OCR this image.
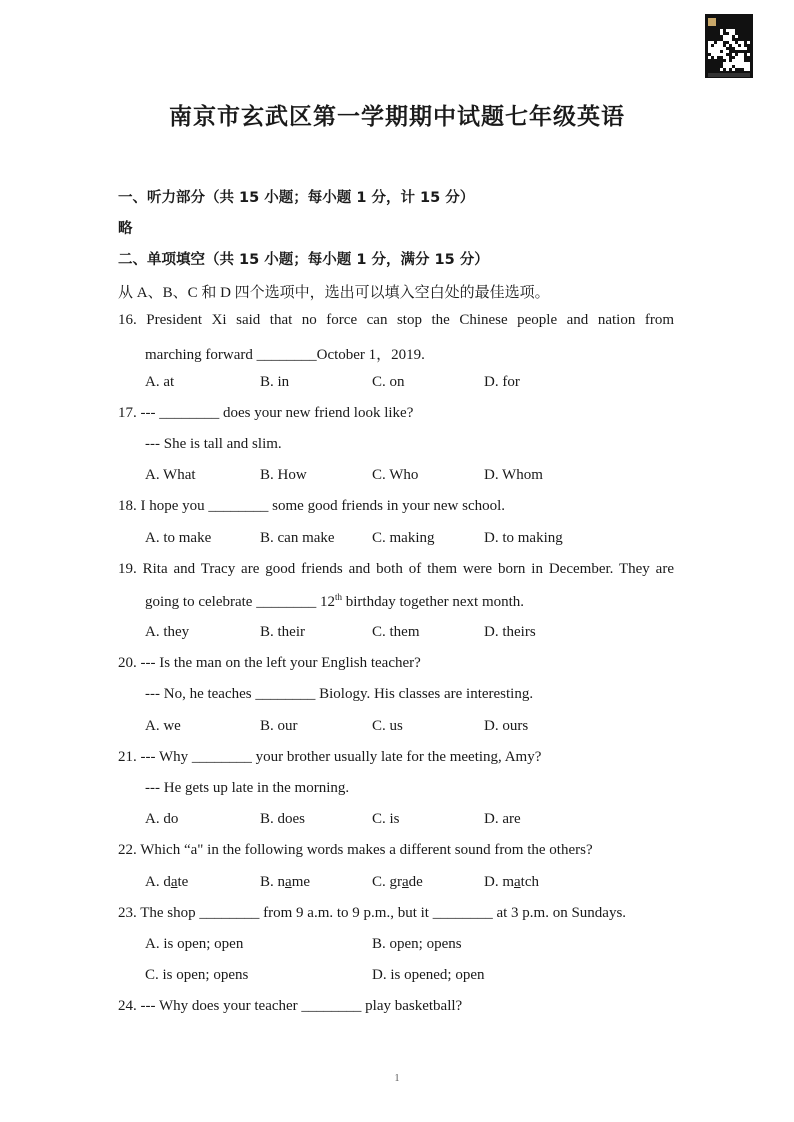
南京市玄武区第一学期期中试题七年级英语
一、听力部分（共 15 小题；每小题 1 分，计 15 分）
略
二、单项填空（共 15 小题；每小题 1 分，满分 15 分）
从 A、B、C 和 D 四个选项中，选出可以填入空白处的最佳选项。
16. President Xi said that no force can stop the Chinese people and nation from
marching forward ________October 1，2019.
A. at	B. in	C. on	D. for
17. --- ________ does your new friend look like?
--- She is tall and slim.
A. What	B. How	C. Who	D. Whom
18. I hope you ________ some good friends in your new school.
A. to make	B. can make C. making	D. to making
19. Rita and Tracy are good friends and both of them were born in December. They are
going to celebrate ________ 12th birthday together next month.
A. they	B. their	C. them	D. theirs
20. --- Is the man on the left your English teacher?
--- No, he teaches ________ Biology. His classes are interesting.
A. we	B. our	C. us	D. ours
21. --- Why ________ your brother usually late for the meeting, Amy?
--- He gets up late in the morning.
A. do	B. does	C. is	D. are
22. Which “a" in the following words makes a different sound from the others?
A. date	B. name	C. grade	D. match
23. The shop ________ from 9 a.m. to 9 p.m., but it ________ at 3 p.m. on Sundays.
A. is open; open	B. open; opens
C. is open; opens	D. is opened; open
24. --- Why does your teacher ________ play basketball?
1
